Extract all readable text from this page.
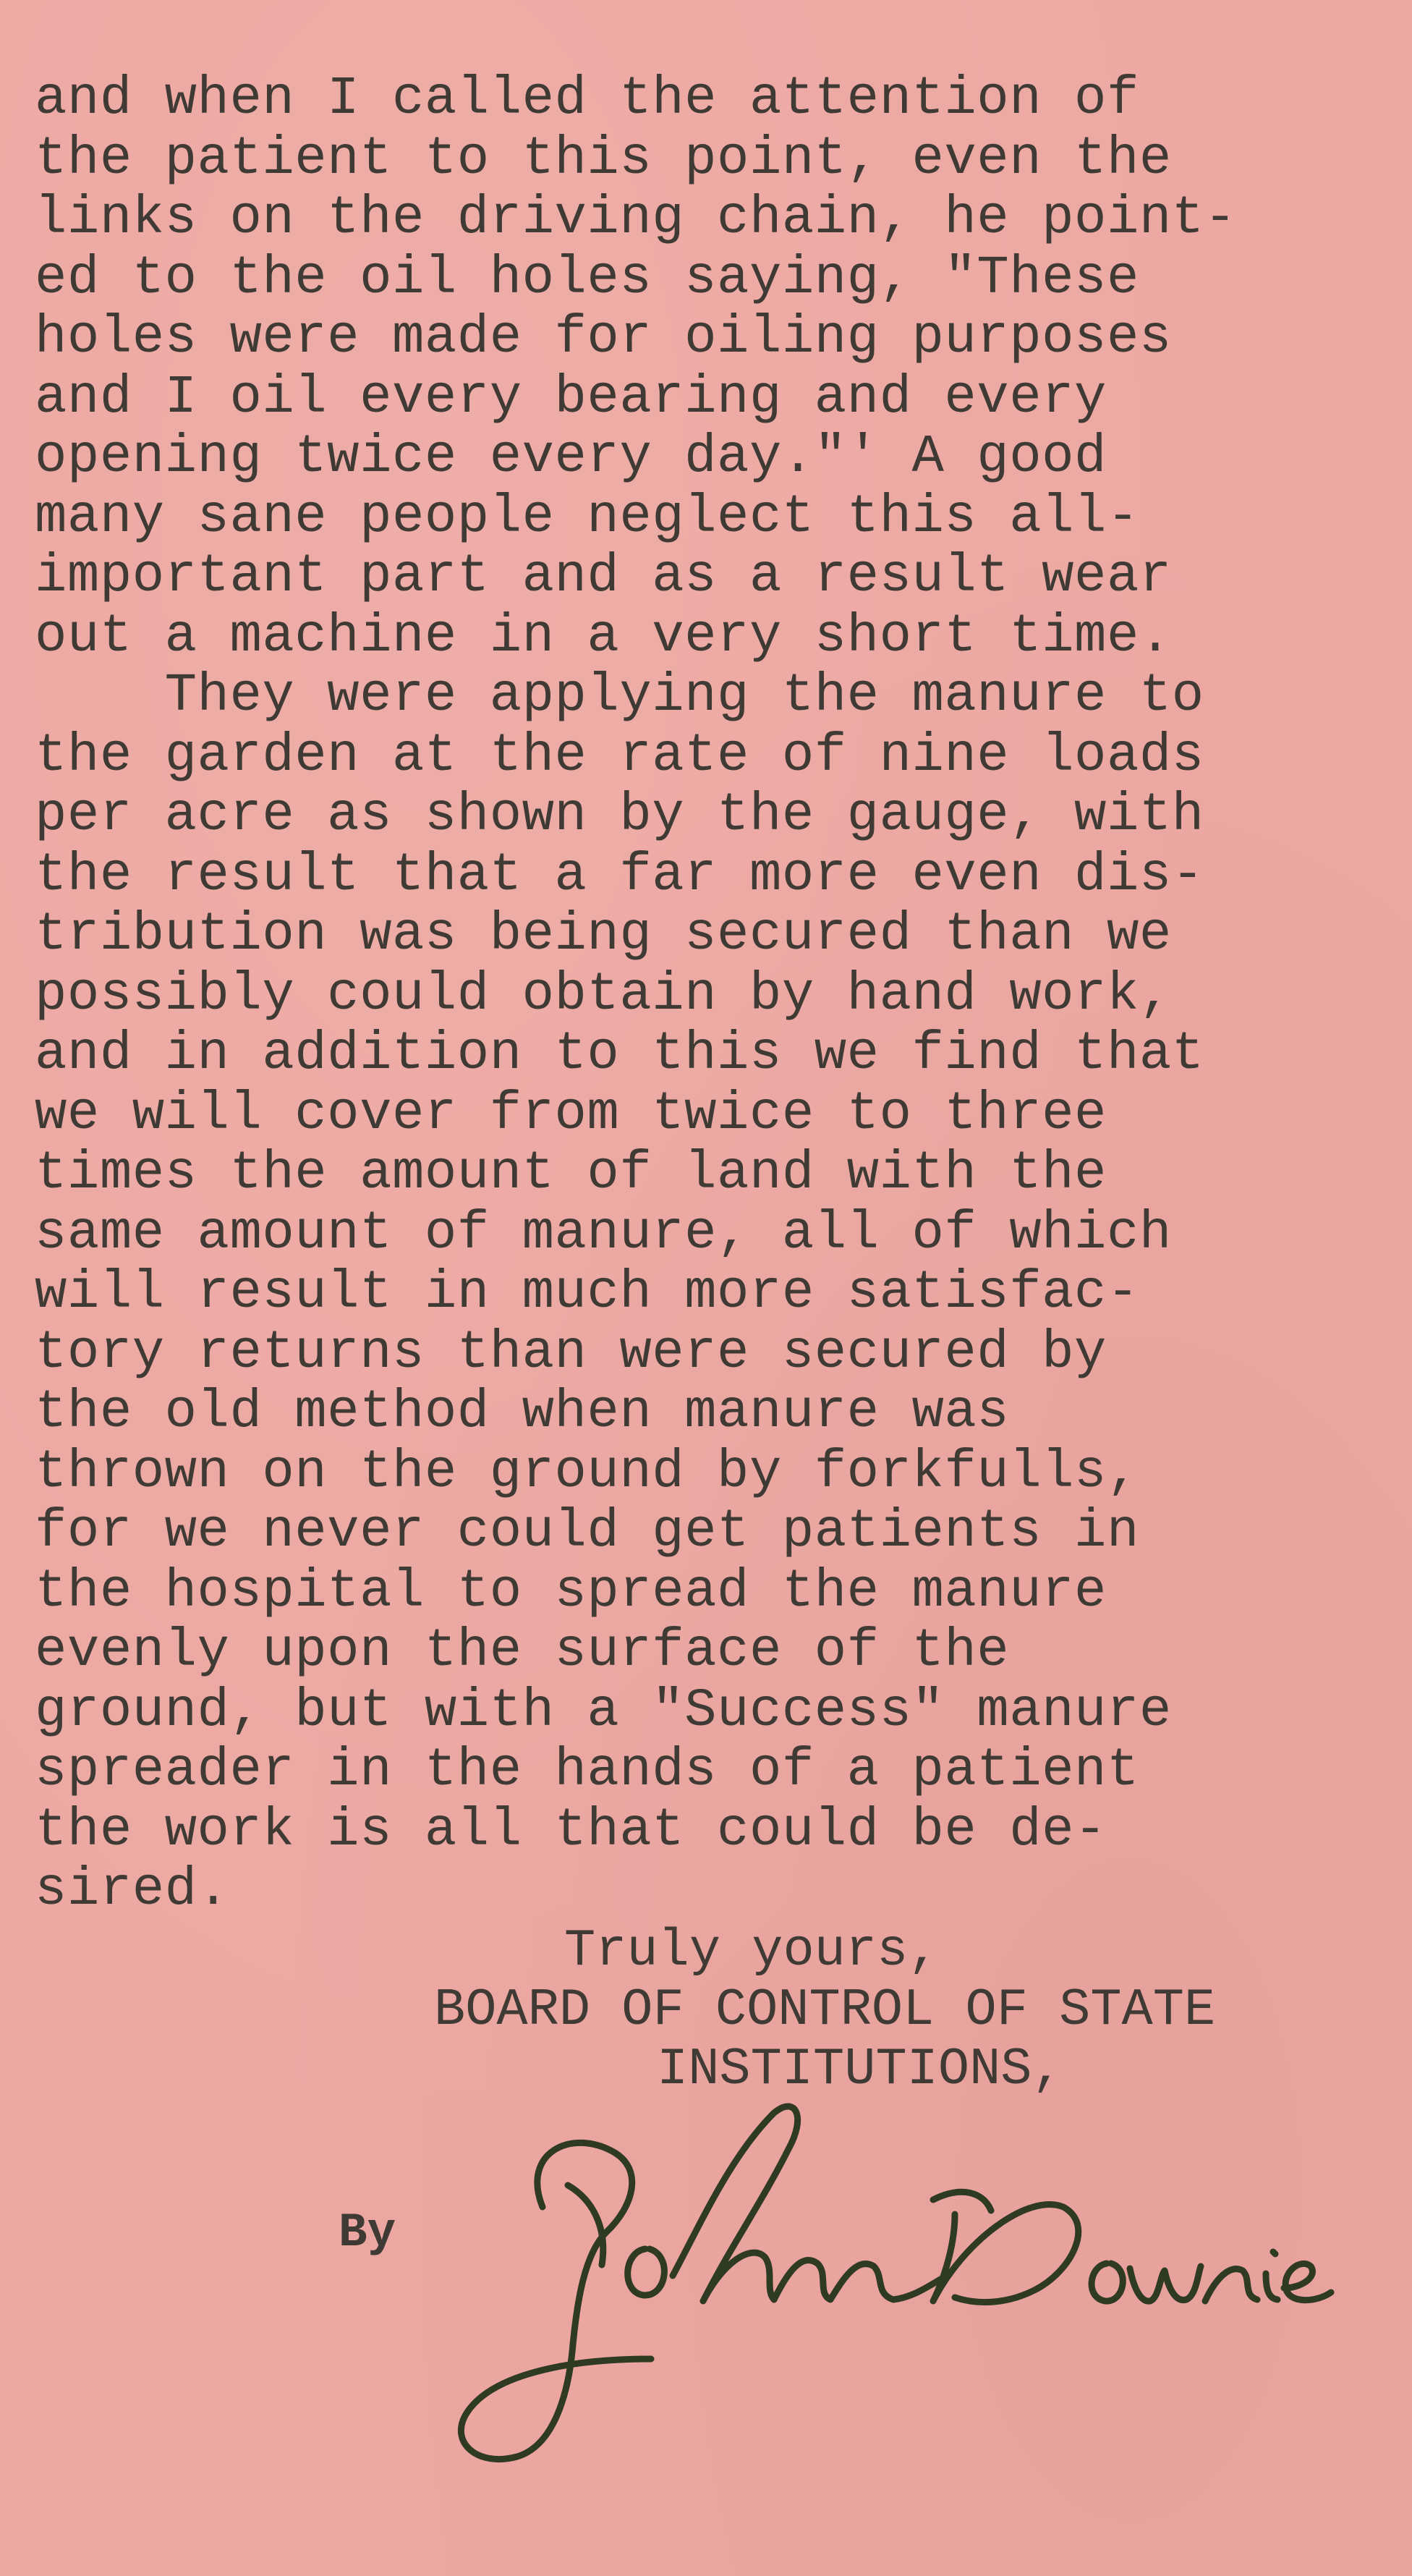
and when I called the attention of
the patient to this point, even the
links on the driving chain, he point-
ed to the oil holes saying, "These
holes were made for oiling purposes
and I oil every bearing and every
opening twice every day."' A good
many sane people neglect this all-
important part and as a result wear
out a machine in a very short time.
They were applying the manure to
the garden at the rate of nine loads
per acre as shown by the gauge, with
the result that a far more even dis-
tribution was being secured than we
possibly could obtain by hand work,
and in addition to this we find that
we will cover from twice to three
times the amount of land with the
same amount of manure, all of which
will result in much more satisfac-
tory returns than were secured by
the old method when manure was
thrown on the ground by forkfulls,
for we never could get patients in
the hospital to spread the manure
evenly upon the surface of the
ground, but with a "Success" manure
spreader in the hands of a patient
the work is all that could be de-
sired.
Truly yours,
BOARD OF CONTROL OF STATE
INSTITUTIONS,
By
